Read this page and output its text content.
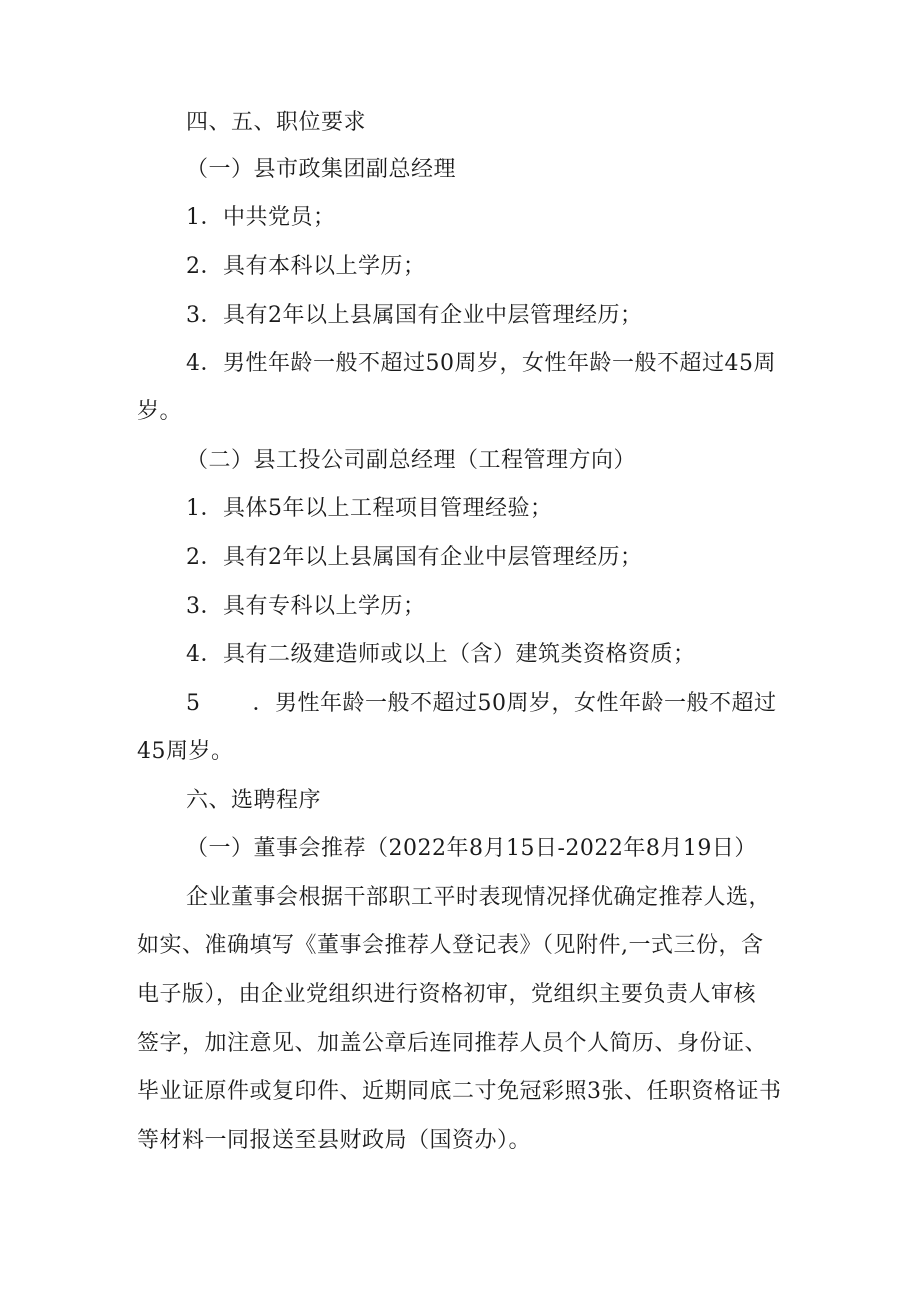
四、五、职位要求
（一）县市政集团副总经理
1．中共党员；
2．具有本科以上学历；
3．具有2年以上县属国有企业中层管理经历；
4．男性年龄一般不超过50周岁，女性年龄一般不超过45周
岁。
（二）县工投公司副总经理（工程管理方向）
1．具体5年以上工程项目管理经验；
2．具有2年以上县属国有企业中层管理经历；
3．具有专科以上学历；
4．具有二级建造师或以上（含）建筑类资格资质；
5 ．男性年龄一般不超过50周岁，女性年龄一般不超过
45周岁。
六、选聘程序
（一）董事会推荐（2022年8月15日-2022年8月19日）
企业董事会根据干部职工平时表现情况择优确定推荐人选，
如实、准确填写《董事会推荐人登记表》（见附件,一式三份，含
电子版），由企业党组织进行资格初审，党组织主要负责人审核
签字，加注意见、加盖公章后连同推荐人员个人简历、身份证、
毕业证原件或复印件、近期同底二寸免冠彩照3张、任职资格证书
等材料一同报送至县财政局（国资办）。
